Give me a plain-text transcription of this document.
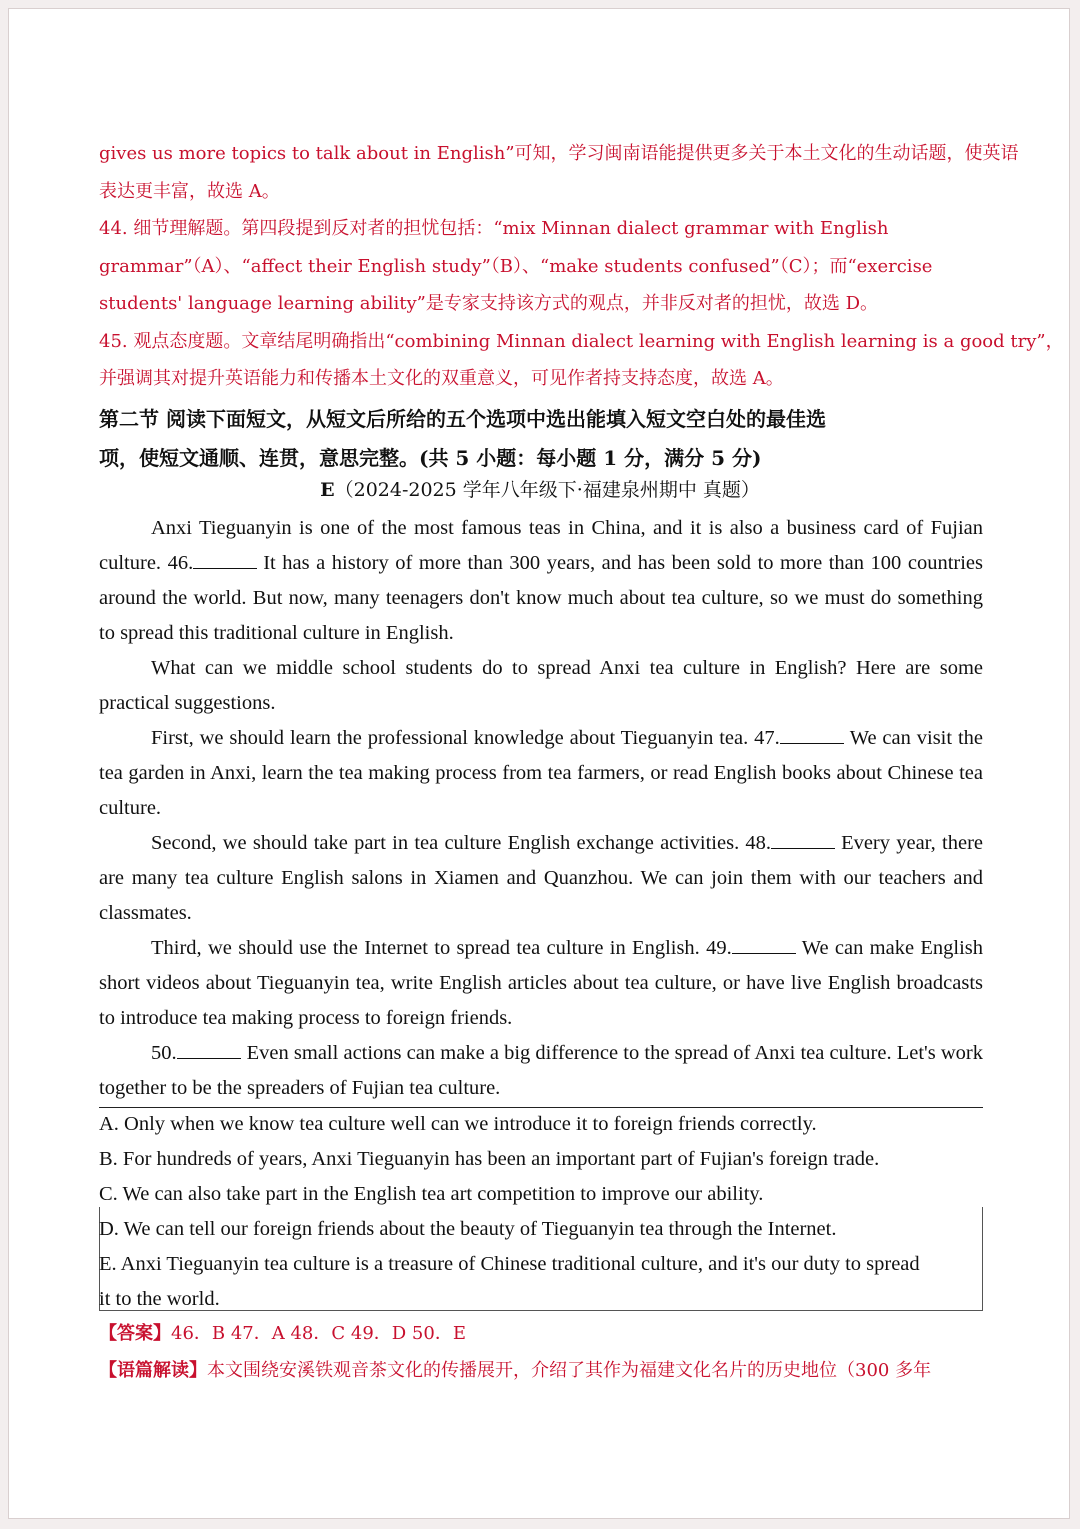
gives us more topics to talk about in English”可知，学习闽南语能提供更多关于本土文化的生动话题，使英语
表达更丰富，故选 A。
44. 细节理解题。第四段提到反对者的担忧包括：“mix Minnan dialect grammar with English
grammar”（A）、“affect their English study”（B）、“make students confused”（C）；而“exercise
students' language learning ability”是专家支持该方式的观点，并非反对者的担忧，故选 D。
45. 观点态度题。文章结尾明确指出“combining Minnan dialect learning with English learning is a good try”，
并强调其对提升英语能力和传播本土文化的双重意义，可见作者持支持态度，故选 A。
第二节 阅读下面短文，从短文后所给的五个选项中选出能填入短文空白处的最佳选
项，使短文通顺、连贯，意思完整。(共 5 小题：每小题 1 分，满分 5 分)
E（2024-2025 学年八年级下·福建泉州期中 真题）

Anxi Tieguanyin is one of the most famous teas in China, and it is also a business card of Fujian culture. 46.	It has a history of more than 300 years, and has been sold to more than 100 countries around the world. But now, many teenagers don't know much about tea culture, so we must do something to spread this traditional culture in English.

What can we middle school students do to spread Anxi tea culture in English? Here are some practical suggestions.

First, we should learn the professional knowledge about Tieguanyin tea. 47.	We can visit the tea garden in Anxi, learn the tea making process from tea farmers, or read English books about Chinese tea culture.

Second, we should take part in tea culture English exchange activities. 48.	Every year, there are many tea culture English salons in Xiamen and Quanzhou. We can join them with our teachers and classmates.

Third, we should use the Internet to spread tea culture in English. 49.	We can make English short videos about Tieguanyin tea, write English articles about tea culture, or have live English broadcasts to introduce tea making process to foreign friends.

50.	Even small actions can make a big difference to the spread of Anxi tea culture. Let's work together to be the spreaders of Fujian tea culture.

A. Only when we know tea culture well can we introduce it to foreign friends correctly.
B. For hundreds of years, Anxi Tieguanyin has been an important part of Fujian's foreign trade.
C. We can also take part in the English tea art competition to improve our ability.
D. We can tell our foreign friends about the beauty of Tieguanyin tea through the Internet.
E. Anxi Tieguanyin tea culture is a treasure of Chinese traditional culture, and it's our duty to spread
it to the world.
【答案】46．B 47．A 48．C 49．D 50．E
【语篇解读】本文围绕安溪铁观音茶文化的传播展开，介绍了其作为福建文化名片的历史地位（300 多年
